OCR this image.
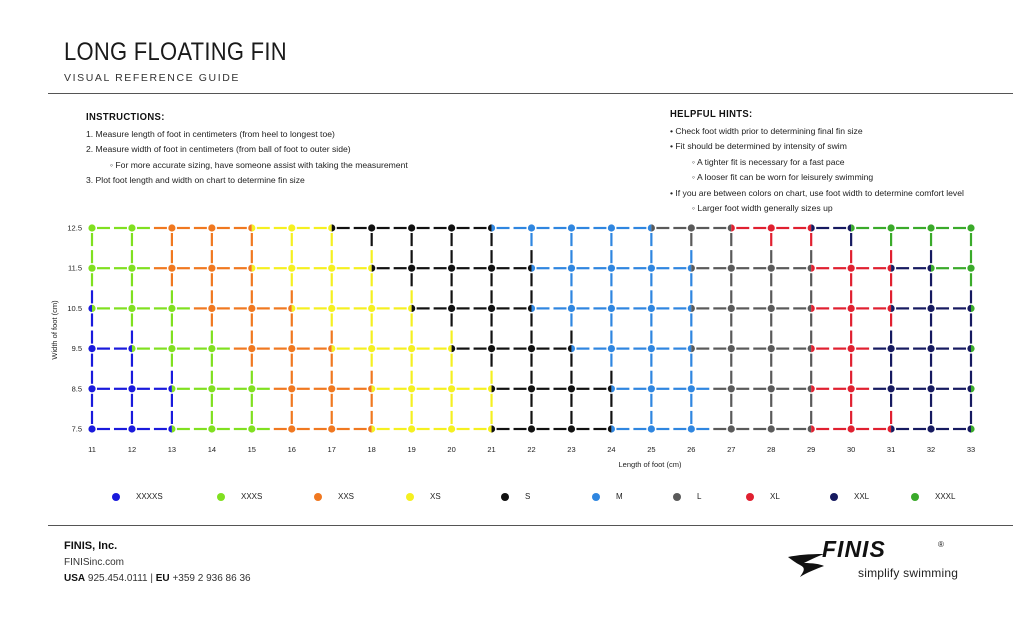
LONG FLOATING FIN
VISUAL REFERENCE GUIDE
INSTRUCTIONS:
1. Measure length of foot in centimeters (from heel to longest toe)
2. Measure width of foot in centimeters (from ball of foot to outer side)
◦ For more accurate sizing, have someone assist with taking the measurement
3. Plot foot length and width on chart to determine fin size
HELPFUL HINTS:
• Check foot width prior to determining final fin size
• Fit should be determined by intensity of swim
◦ A tighter fit is necessary for a fast pace
◦ A looser fit can be worn for leisurely swimming
• If you are between colors on chart, use foot width to determine comfort level
◦ Larger foot width generally sizes up
11	12	13	14	15	16	17	18	19	20	21	22	23	24	25	26	27	28	29	30	31	32	33
7.5
8.5
9.5
10.5
11.5
12.5
Length of foot (cm)
Width of foot (cm)
XXXXS	XXXS	XXS	XS	S	M	L	XL	XXL	XXXL
FINIS, Inc.
FINISinc.com
USA 925.454.0111 | EU +359 2 936 86 36
FINIS	®
simplify swimming
